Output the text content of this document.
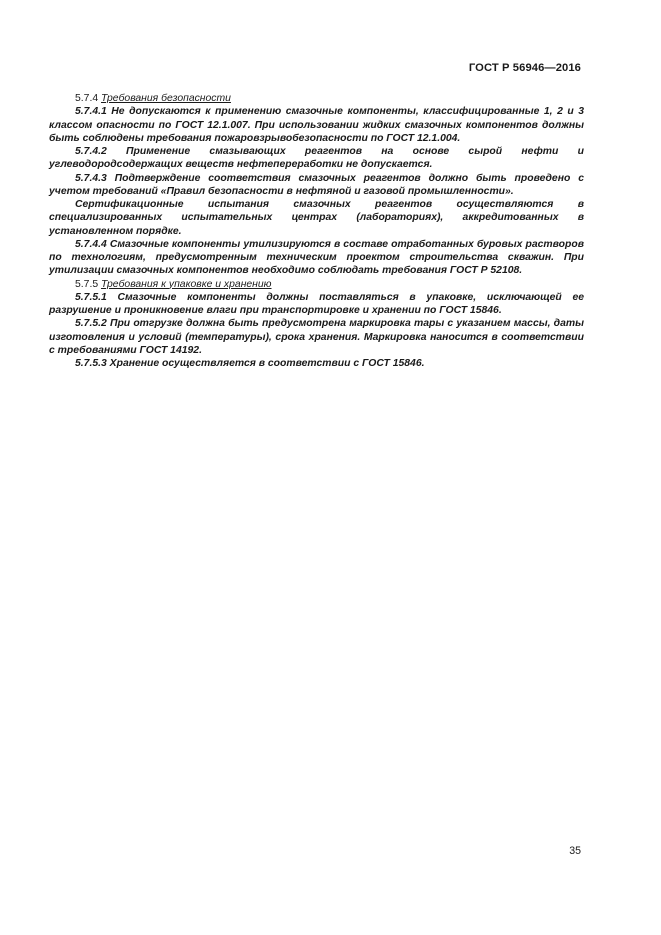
ГОСТ Р 56946—2016

5.7.4 Требования безопасности

5.7.4.1 Не допускаются к применению смазочные компоненты, классифицированные 1, 2 и 3 классом опасности по ГОСТ 12.1.007. При использовании жидких смазочных компонентов должны быть соблюдены требования пожаровзрывобезопасности по ГОСТ 12.1.004.

5.7.4.2 Применение смазывающих реагентов на основе сырой нефти и углеводородсодержащих веществ нефтепереработки не допускается.

5.7.4.3 Подтверждение соответствия смазочных реагентов должно быть проведено с учетом требований «Правил безопасности в нефтяной и газовой промышленности».

Сертификационные испытания смазочных реагентов осуществляются в специализированных испытательных центрах (лабораториях), аккредитованных в установленном порядке.

5.7.4.4 Смазочные компоненты утилизируются в составе отработанных буровых растворов по технологиям, предусмотренным техническим проектом строительства скважин. При утилизации смазочных компонентов необходимо соблюдать требования ГОСТ Р 52108.

5.7.5 Требования к упаковке и хранению

5.7.5.1 Смазочные компоненты должны поставляться в упаковке, исключающей ее разрушение и проникновение влаги при транспортировке и хранении по ГОСТ 15846.

5.7.5.2 При отгрузке должна быть предусмотрена маркировка тары с указанием массы, даты изготовления и условий (температуры), срока хранения. Маркировка наносится в соответствии с требованиями ГОСТ 14192.

5.7.5.3 Хранение осуществляется в соответствии с ГОСТ 15846.

35
